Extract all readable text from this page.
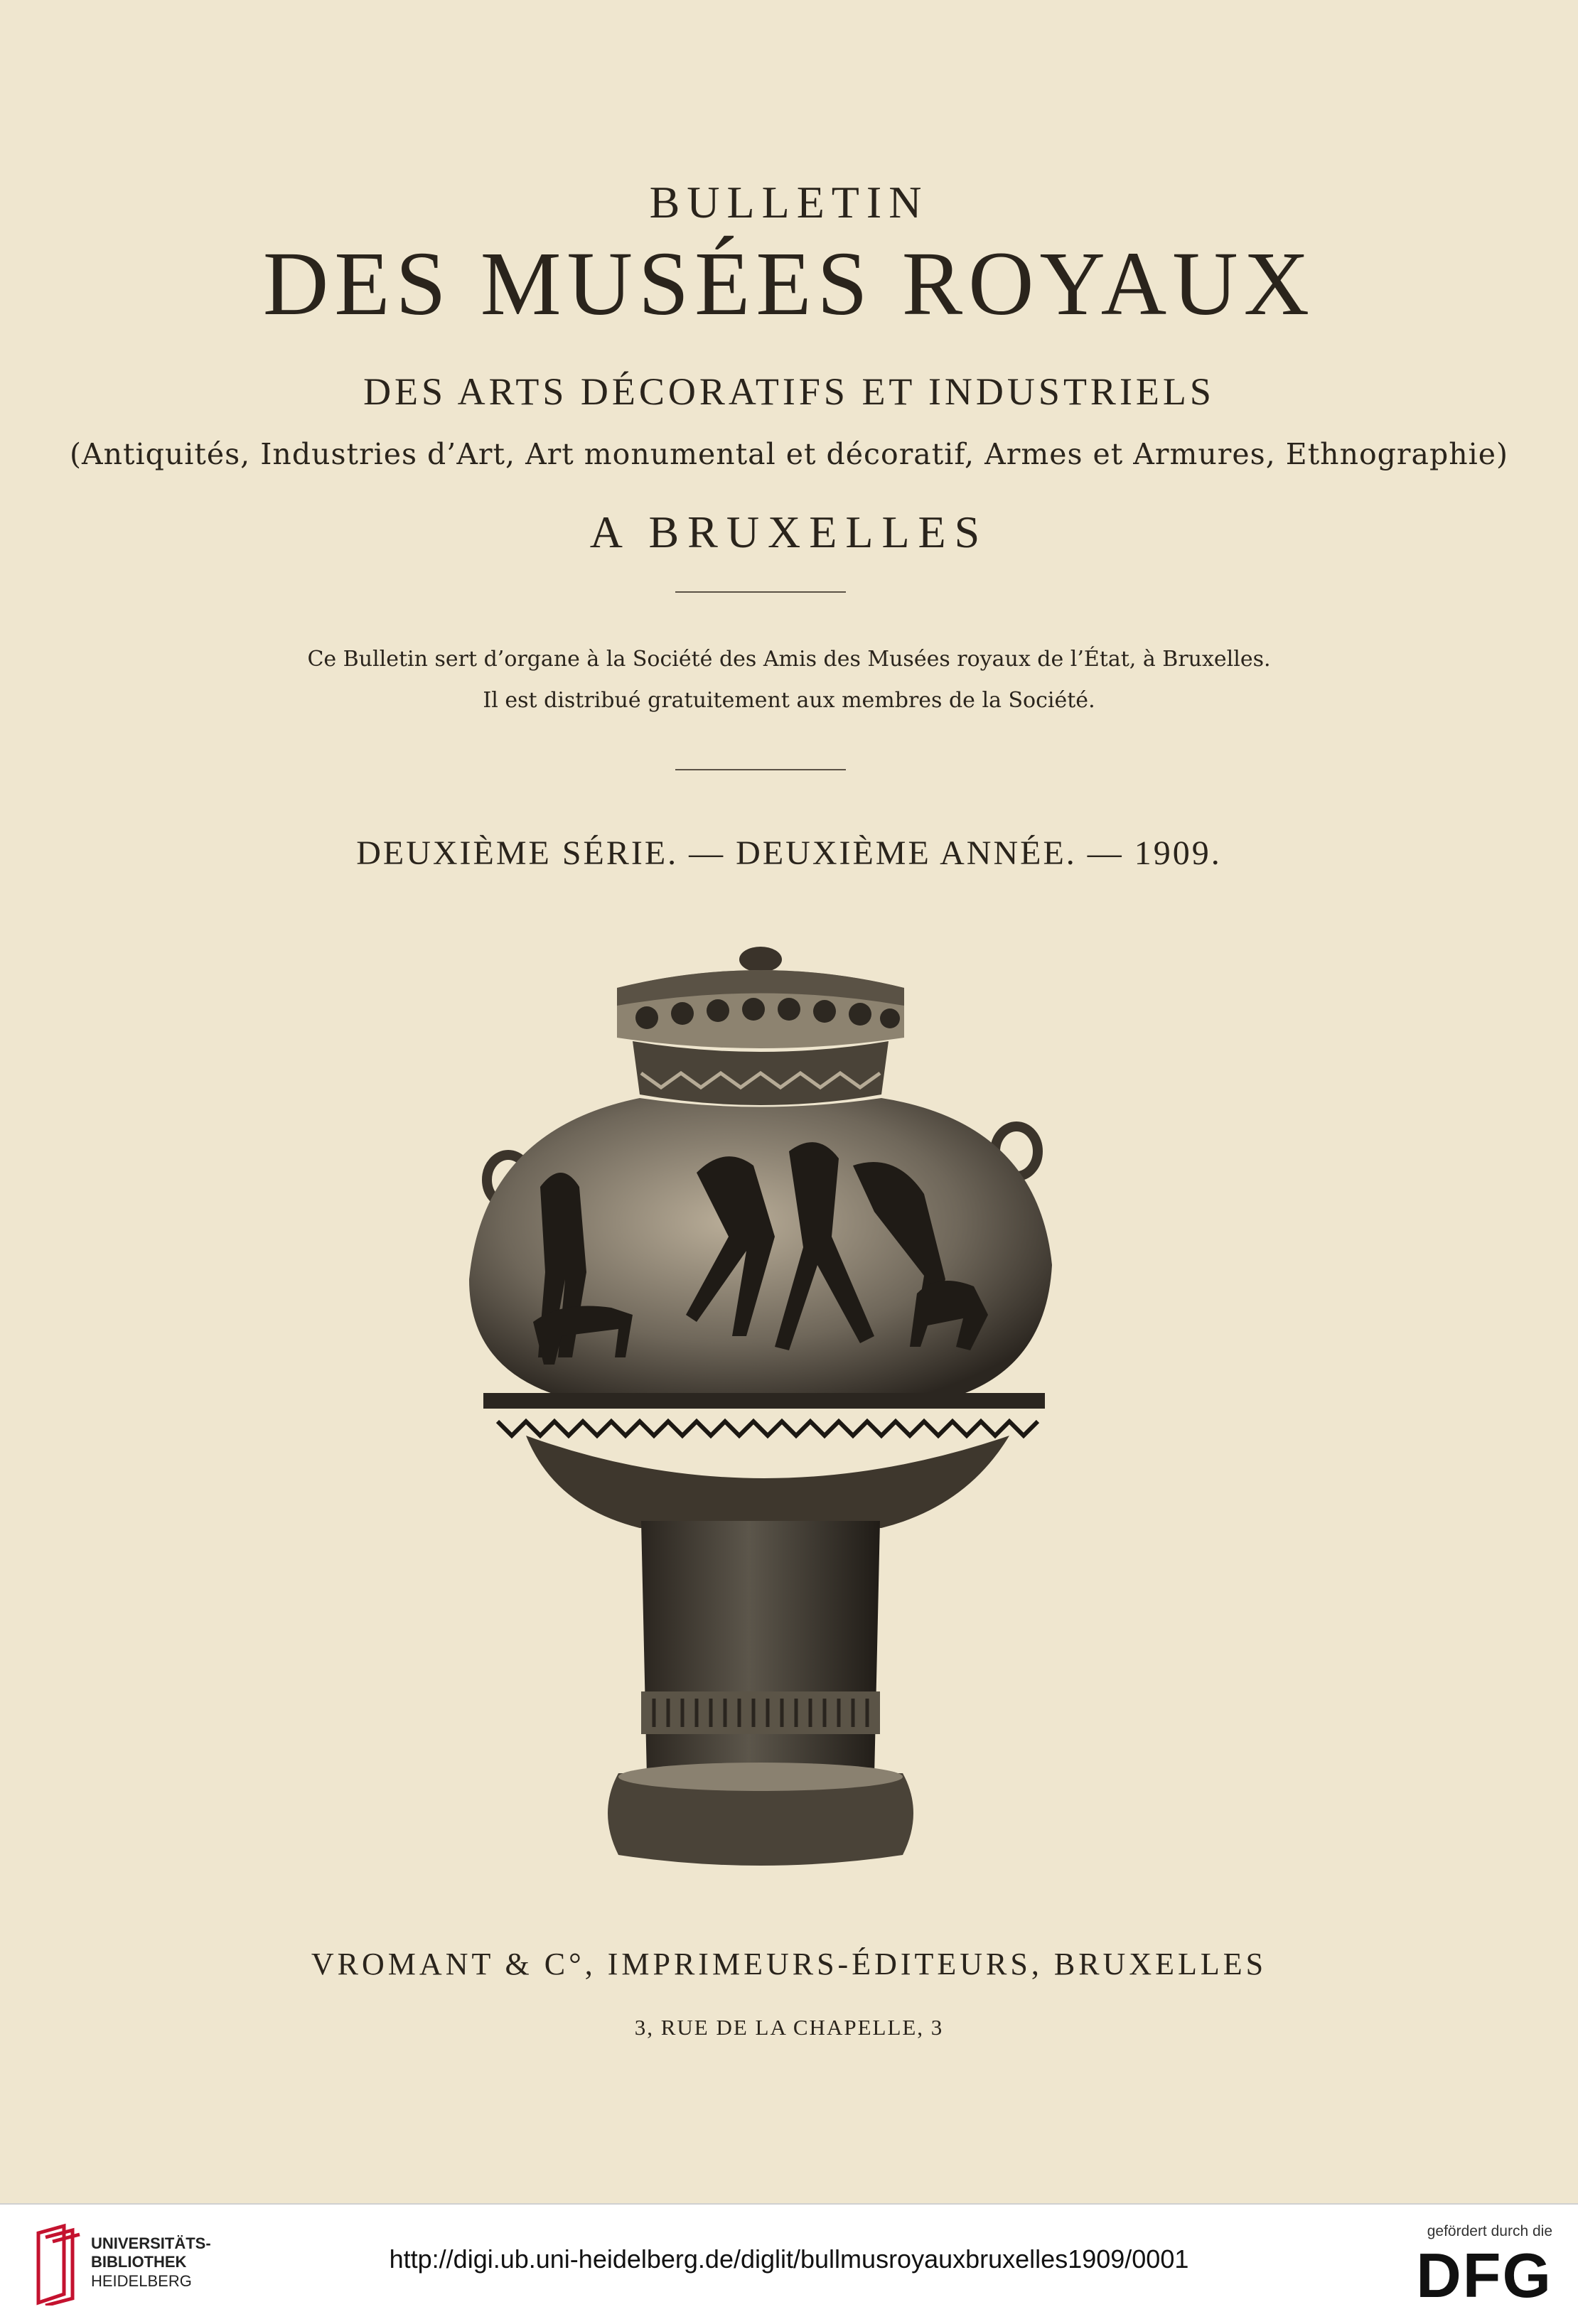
BULLETIN
DES MUSÉES ROYAUX
DES ARTS DÉCORATIFS ET INDUSTRIELS
(Antiquités, Industries d’Art, Art monumental et décoratif, Armes et Armures, Ethnographie)
A BRUXELLES
Ce Bulletin sert d’organe à la Société des Amis des Musées royaux de l’État, à Bruxelles.
Il est distribué gratuitement aux membres de la Société.
DEUXIÈME SÉRIE. — DEUXIÈME ANNÉE. — 1909.
VROMANT & C°, IMPRIMEURS-ÉDITEURS, BRUXELLES
3, RUE DE LA CHAPELLE, 3
UNIVERSITÄTS-
BIBLIOTHEK
HEIDELBERG
http://digi.ub.uni-heidelberg.de/diglit/bullmusroyauxbruxelles1909/0001
gefördert durch die
DFG
